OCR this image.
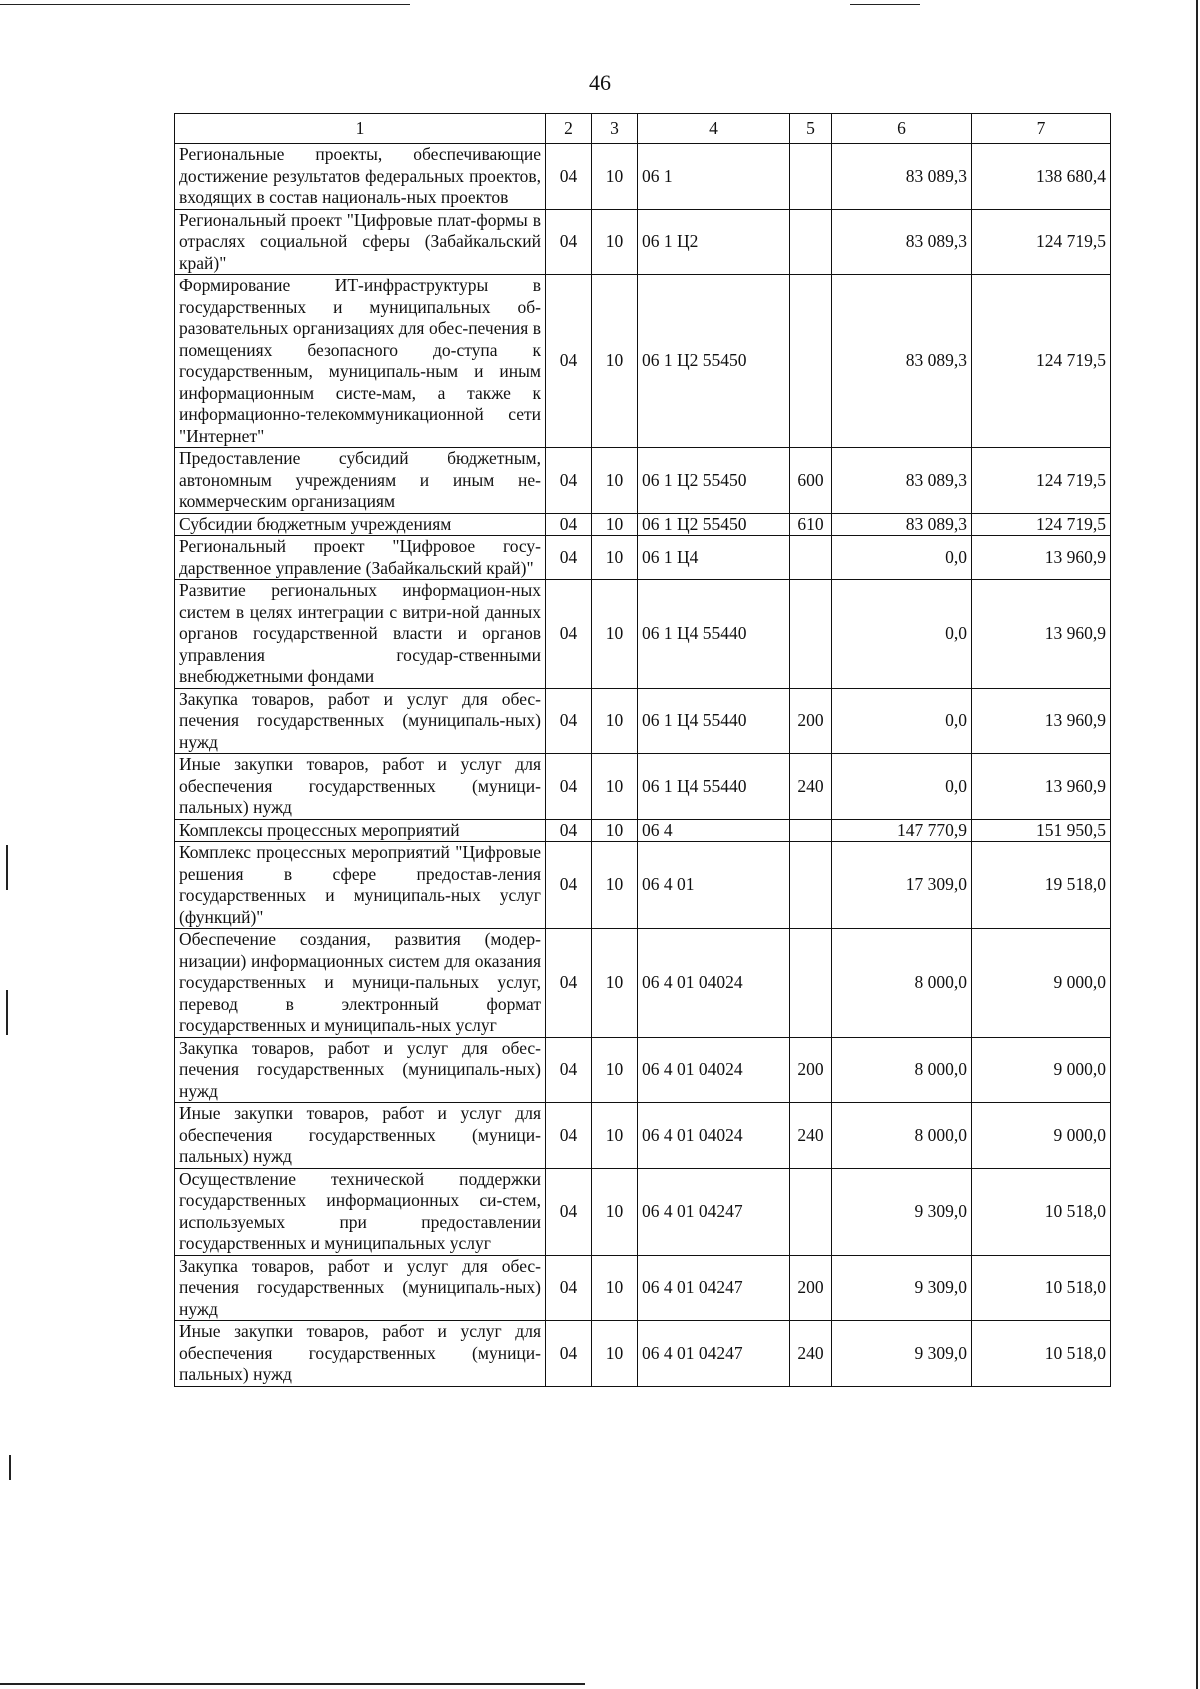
46
1	2	3	4	5	6	7
Региональные проекты, обеспечивающие достижение результатов федеральных проектов, входящих в состав националь-ных проектов	04	10	06 1		83 089,3	138 680,4
Региональный проект "Цифровые плат-формы в отраслях социальной сферы (Забайкальский край)"	04	10	06 1 Ц2		83 089,3	124 719,5
Формирование ИТ-инфраструктуры в государственных и муниципальных об-разовательных организациях для обес-печения в помещениях безопасного до-ступа к государственным, муниципаль-ным и иным информационным систе-мам, а также к информационно-телекоммуникационной сети "Интернет"	04	10	06 1 Ц2 55450		83 089,3	124 719,5
Предоставление субсидий бюджетным, автономным учреждениям и иным не-коммерческим организациям	04	10	06 1 Ц2 55450	600	83 089,3	124 719,5
Субсидии бюджетным учреждениям	04	10	06 1 Ц2 55450	610	83 089,3	124 719,5
Региональный проект "Цифровое госу-дарственное управление (Забайкальский край)"	04	10	06 1 Ц4		0,0	13 960,9
Развитие региональных информацион-ных систем в целях интеграции с витри-ной данных органов государственной власти и органов управления государ-ственными внебюджетными фондами	04	10	06 1 Ц4 55440		0,0	13 960,9
Закупка товаров, работ и услуг для обес-печения государственных (муниципаль-ных) нужд	04	10	06 1 Ц4 55440	200	0,0	13 960,9
Иные закупки товаров, работ и услуг для обеспечения государственных (муници-пальных) нужд	04	10	06 1 Ц4 55440	240	0,0	13 960,9
Комплексы процессных мероприятий	04	10	06 4		147 770,9	151 950,5
Комплекс процессных мероприятий "Цифровые решения в сфере предостав-ления государственных и муниципаль-ных услуг (функций)"	04	10	06 4 01		17 309,0	19 518,0
Обеспечение создания, развития (модер-низации) информационных систем для оказания государственных и муници-пальных услуг, перевод в электронный формат государственных и муниципаль-ных услуг	04	10	06 4 01 04024		8 000,0	9 000,0
Закупка товаров, работ и услуг для обес-печения государственных (муниципаль-ных) нужд	04	10	06 4 01 04024	200	8 000,0	9 000,0
Иные закупки товаров, работ и услуг для обеспечения государственных (муници-пальных) нужд	04	10	06 4 01 04024	240	8 000,0	9 000,0
Осуществление технической поддержки государственных информационных си-стем, используемых при предоставлении государственных и муниципальных услуг	04	10	06 4 01 04247		9 309,0	10 518,0
Закупка товаров, работ и услуг для обес-печения государственных (муниципаль-ных) нужд	04	10	06 4 01 04247	200	9 309,0	10 518,0
Иные закупки товаров, работ и услуг для обеспечения государственных (муници-пальных) нужд	04	10	06 4 01 04247	240	9 309,0	10 518,0
